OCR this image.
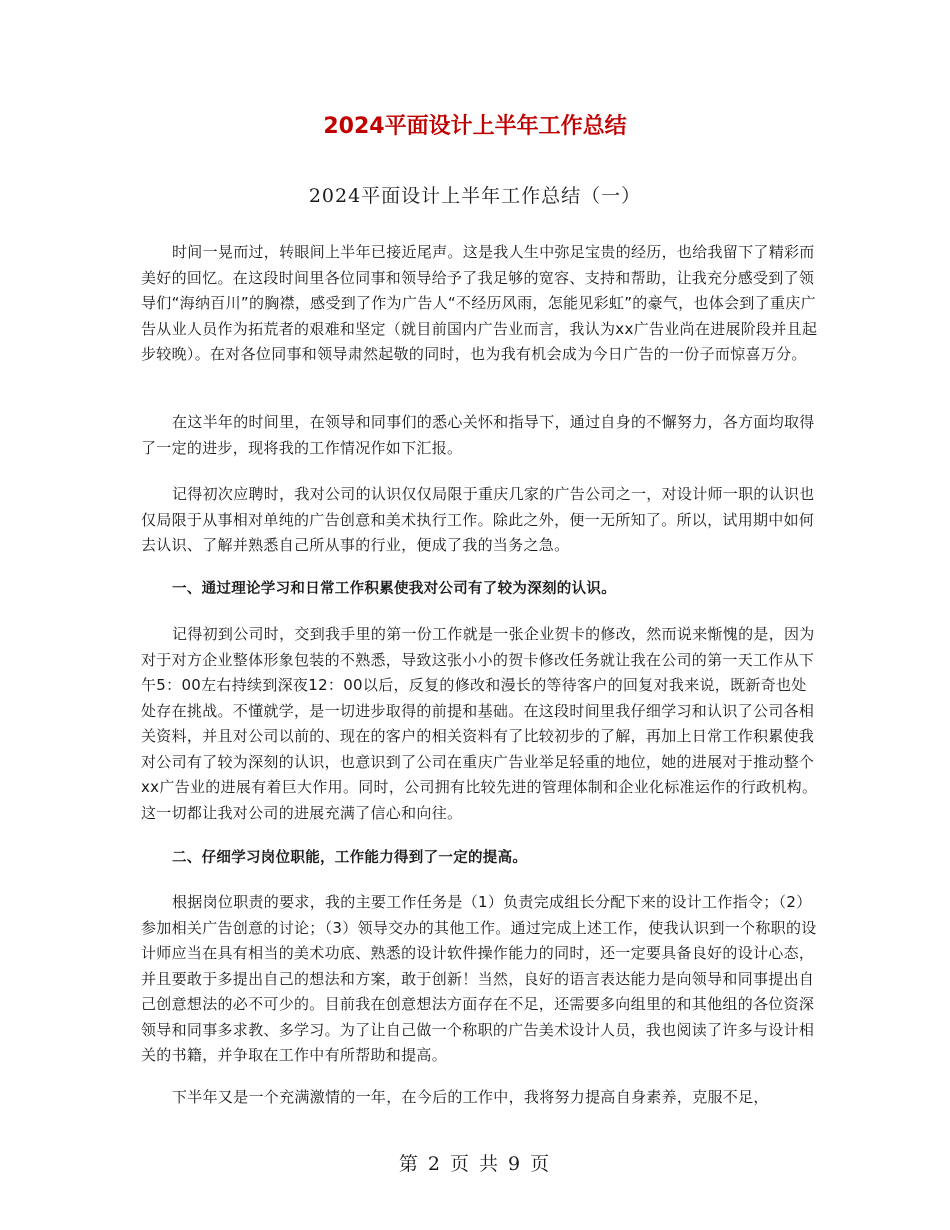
2024平面设计上半年工作总结
2024平面设计上半年工作总结（一）

时间一晃而过，转眼间上半年已接近尾声。这是我人生中弥足宝贵的经历，也给我留下了精彩而美好的回忆。在这段时间里各位同事和领导给予了我足够的宽容、支持和帮助，让我充分感受到了领导们“海纳百川”的胸襟，感受到了作为广告人“不经历风雨，怎能见彩虹”的豪气，也体会到了重庆广告从业人员作为拓荒者的艰难和坚定（就目前国内广告业而言，我认为xx广告业尚在进展阶段并且起步较晚）。在对各位同事和领导肃然起敬的同时，也为我有机会成为今日广告的一份子而惊喜万分。

在这半年的时间里，在领导和同事们的悉心关怀和指导下，通过自身的不懈努力，各方面均取得了一定的进步，现将我的工作情况作如下汇报。

记得初次应聘时，我对公司的认识仅仅局限于重庆几家的广告公司之一，对设计师一职的认识也仅局限于从事相对单纯的广告创意和美术执行工作。除此之外，便一无所知了。所以，试用期中如何去认识、了解并熟悉自己所从事的行业，便成了我的当务之急。

一、通过理论学习和日常工作积累使我对公司有了较为深刻的认识。

记得初到公司时，交到我手里的第一份工作就是一张企业贺卡的修改，然而说来惭愧的是，因为对于对方企业整体形象包装的不熟悉，导致这张小小的贺卡修改任务就让我在公司的第一天工作从下午5：00左右持续到深夜12：00以后，反复的修改和漫长的等待客户的回复对我来说，既新奇也处处存在挑战。不懂就学，是一切进步取得的前提和基础。在这段时间里我仔细学习和认识了公司各相关资料，并且对公司以前的、现在的客户的相关资料有了比较初步的了解，再加上日常工作积累使我对公司有了较为深刻的认识，也意识到了公司在重庆广告业举足轻重的地位，她的进展对于推动整个xx广告业的进展有着巨大作用。同时，公司拥有比较先进的管理体制和企业化标准运作的行政机构。这一切都让我对公司的进展充满了信心和向往。

二、仔细学习岗位职能，工作能力得到了一定的提高。

根据岗位职责的要求，我的主要工作任务是（1）负责完成组长分配下来的设计工作指令；（2）参加相关广告创意的讨论；（3）领导交办的其他工作。通过完成上述工作，使我认识到一个称职的设计师应当在具有相当的美术功底、熟悉的设计软件操作能力的同时，还一定要具备良好的设计心态，并且要敢于多提出自己的想法和方案，敢于创新！当然，良好的语言表达能力是向领导和同事提出自己创意想法的必不可少的。目前我在创意想法方面存在不足，还需要多向组里的和其他组的各位资深领导和同事多求教、多学习。为了让自己做一个称职的广告美术设计人员，我也阅读了许多与设计相关的书籍，并争取在工作中有所帮助和提高。

下半年又是一个充满激情的一年，在今后的工作中，我将努力提高自身素养，克服不足，

第 2 页 共 9 页
